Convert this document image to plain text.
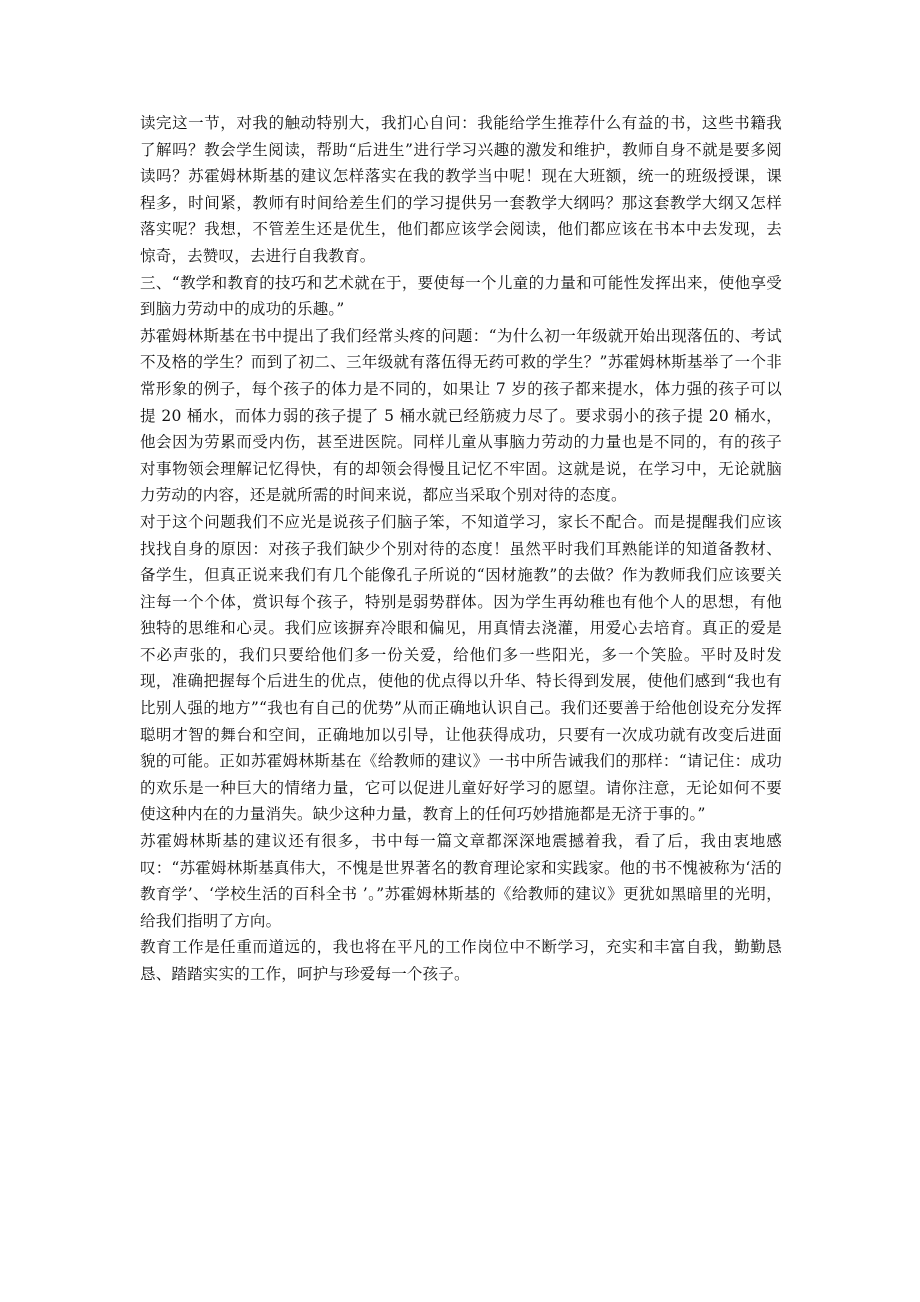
读完这一节，对我的触动特别大，我扪心自问：我能给学生推荐什么有益的书，这些书籍我了解吗？教会学生阅读，帮助“后进生”进行学习兴趣的激发和维护，教师自身不就是要多阅读吗？苏霍姆林斯基的建议怎样落实在我的教学当中呢！现在大班额，统一的班级授课，课程多，时间紧，教师有时间给差生们的学习提供另一套教学大纲吗？那这套教学大纲又怎样落实呢？我想，不管差生还是优生，他们都应该学会阅读，他们都应该在书本中去发现，去惊奇，去赞叹，去进行自我教育。

三、“教学和教育的技巧和艺术就在于，要使每一个儿童的力量和可能性发挥出来，使他享受到脑力劳动中的成功的乐趣。”

苏霍姆林斯基在书中提出了我们经常头疼的问题：“为什么初一年级就开始出现落伍的、考试不及格的学生？而到了初二、三年级就有落伍得无药可救的学生？”苏霍姆林斯基举了一个非常形象的例子，每个孩子的体力是不同的，如果让 7 岁的孩子都来提水，体力强的孩子可以提 20 桶水，而体力弱的孩子提了 5 桶水就已经筋疲力尽了。要求弱小的孩子提 20 桶水，他会因为劳累而受内伤，甚至进医院。同样儿童从事脑力劳动的力量也是不同的，有的孩子对事物领会理解记忆得快，有的却领会得慢且记忆不牢固。这就是说，在学习中，无论就脑力劳动的内容，还是就所需的时间来说，都应当采取个别对待的态度。

对于这个问题我们不应光是说孩子们脑子笨，不知道学习，家长不配合。而是提醒我们应该找找自身的原因：对孩子我们缺少个别对待的态度！虽然平时我们耳熟能详的知道备教材、备学生，但真正说来我们有几个能像孔子所说的“因材施教”的去做？作为教师我们应该要关注每一个个体，赏识每个孩子，特别是弱势群体。因为学生再幼稚也有他个人的思想，有他独特的思维和心灵。我们应该摒弃冷眼和偏见，用真情去浇灌，用爱心去培育。真正的爱是不必声张的，我们只要给他们多一份关爱，给他们多一些阳光，多一个笑脸。平时及时发现，准确把握每个后进生的优点，使他的优点得以升华、特长得到发展，使他们感到“我也有比别人强的地方”“我也有自己的优势”从而正确地认识自己。我们还要善于给他创设充分发挥聪明才智的舞台和空间，正确地加以引导，让他获得成功，只要有一次成功就有改变后进面貌的可能。正如苏霍姆林斯基在《给教师的建议》一书中所告诫我们的那样：“请记住：成功的欢乐是一种巨大的情绪力量，它可以促进儿童好好学习的愿望。请你注意，无论如何不要使这种内在的力量消失。缺少这种力量，教育上的任何巧妙措施都是无济于事的。”

苏霍姆林斯基的建议还有很多，书中每一篇文章都深深地震撼着我，看了后，我由衷地感叹：“苏霍姆林斯基真伟大，不愧是世界著名的教育理论家和实践家。他的书不愧被称为‘活的教育学’、‘学校生活的百科全书 ’。”苏霍姆林斯基的《给教师的建议》更犹如黑暗里的光明，给我们指明了方向。

教育工作是任重而道远的，我也将在平凡的工作岗位中不断学习，充实和丰富自我，勤勤恳恳、踏踏实实的工作，呵护与珍爱每一个孩子。
